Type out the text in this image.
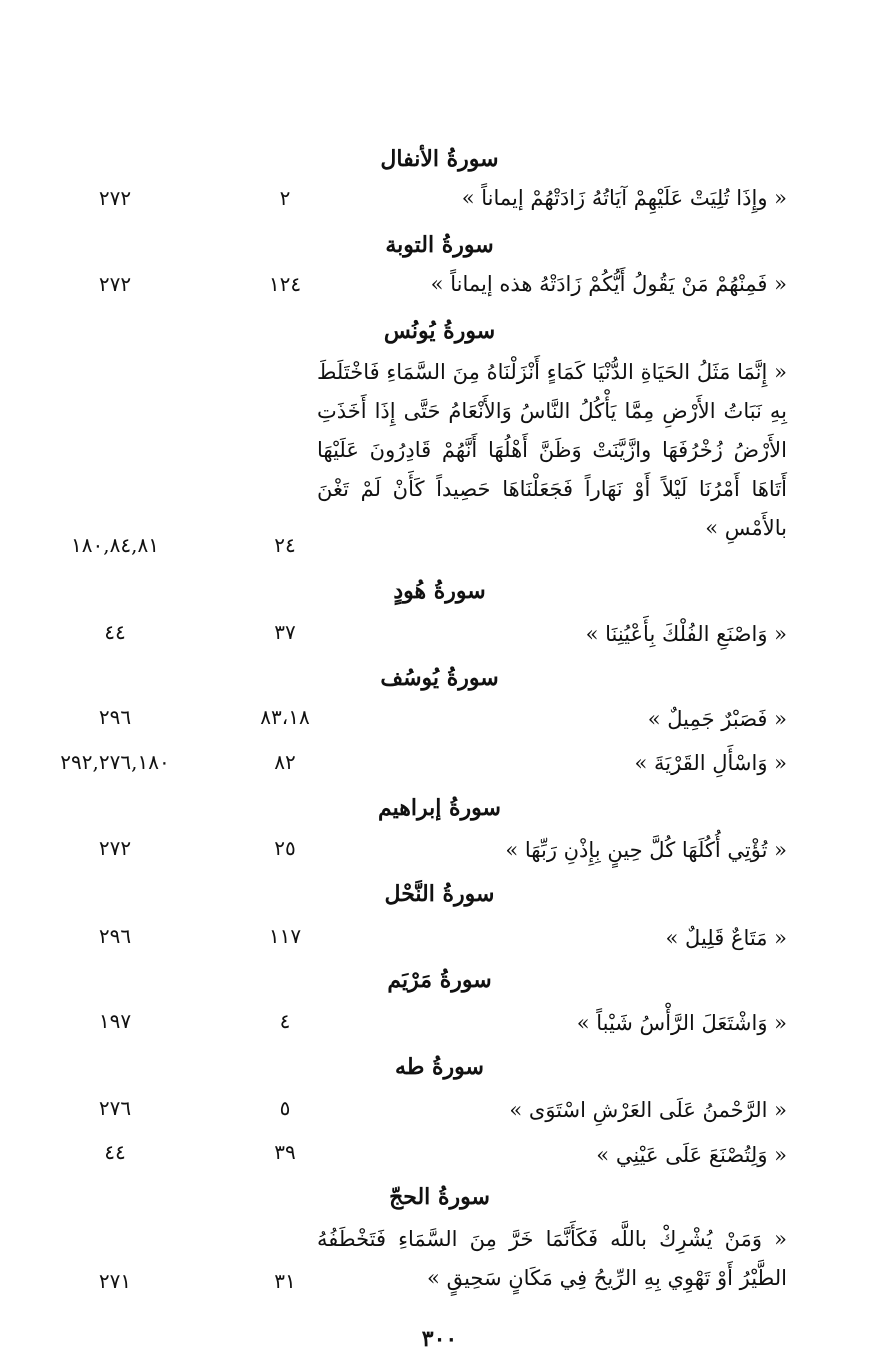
سورةُ الأنفال
« وإِذَا تُلِيَتْ عَلَيْهِمْ آيَاتُهُ زَادَتْهُمْ إيماناً »
٢
٢٧٢
سورةُ التوبة
« فَمِنْهُمْ مَنْ يَقُولُ أَيُّكُمْ زَادَتْهُ هذه إيماناً »
١٢٤
٢٧٢
سورةُ يُونُس
« إِنَّمَا مَثَلُ الحَيَاةِ الدُّنْيَا كَمَاءٍ أَنْزَلْنَاهُ مِنَ السَّمَاءِ فَاخْتَلَطَ بِهِ نَبَاتُ الأَرْضِ مِمَّا يَأْكُلُ النَّاسُ وَالأَنْعَامُ حَتَّى إِذَا أَخَذَتِ الأَرْضُ زُخْرُفَهَا وازَّيَّنَتْ وَظَنَّ أَهْلُهَا أَنَّهُمْ قَادِرُونَ عَلَيْهَا أَتَاهَا أَمْرُنَا لَيْلاً أَوْ نَهَاراً فَجَعَلْنَاهَا حَصِيداً كَأَنْ لَمْ تَغْنَ بالأَمْسِ »
٢٤
١٨٠,٨٤,٨١
سورةُ هُودٍ
« وَاصْنَعِ الفُلْكَ بِأَعْيُنِنَا »
٣٧
٤٤
سورةُ يُوسُف
« فَصَبْرٌ جَمِيلٌ »
٨٣،١٨
٢٩٦
« وَاسْأَلِ القَرْيَةَ »
٨٢
٢٩٢,٢٧٦,١٨٠
سورةُ إبراهيم
« تُؤْتِي أُكُلَهَا كُلَّ حِينٍ بِإِذْنِ رَبِّهَا »
٢٥
٢٧٢
سورةُ النَّحْل
« مَتَاعٌ قَلِيلٌ »
١١٧
٢٩٦
سورةُ مَرْيَم
« وَاشْتَعَلَ الرَّأْسُ شَيْباً »
٤
١٩٧
سورةُ طه
« الرَّحْمنُ عَلَى العَرْشِ اسْتَوَى »
٥
٢٧٦
« وَلِتُصْنَعَ عَلَى عَيْنِي »
٣٩
٤٤
سورةُ الحجّ
« وَمَنْ يُشْرِكْ باللَّه فَكَأَنَّمَا خَرَّ مِنَ السَّمَاءِ فَتَخْطَفُهُ الطَّيْرُ أَوْ تَهْوِي بِهِ الرِّيحُ فِي مَكَانٍ سَحِيقٍ »
٣١
٢٧١
٣٠٠
